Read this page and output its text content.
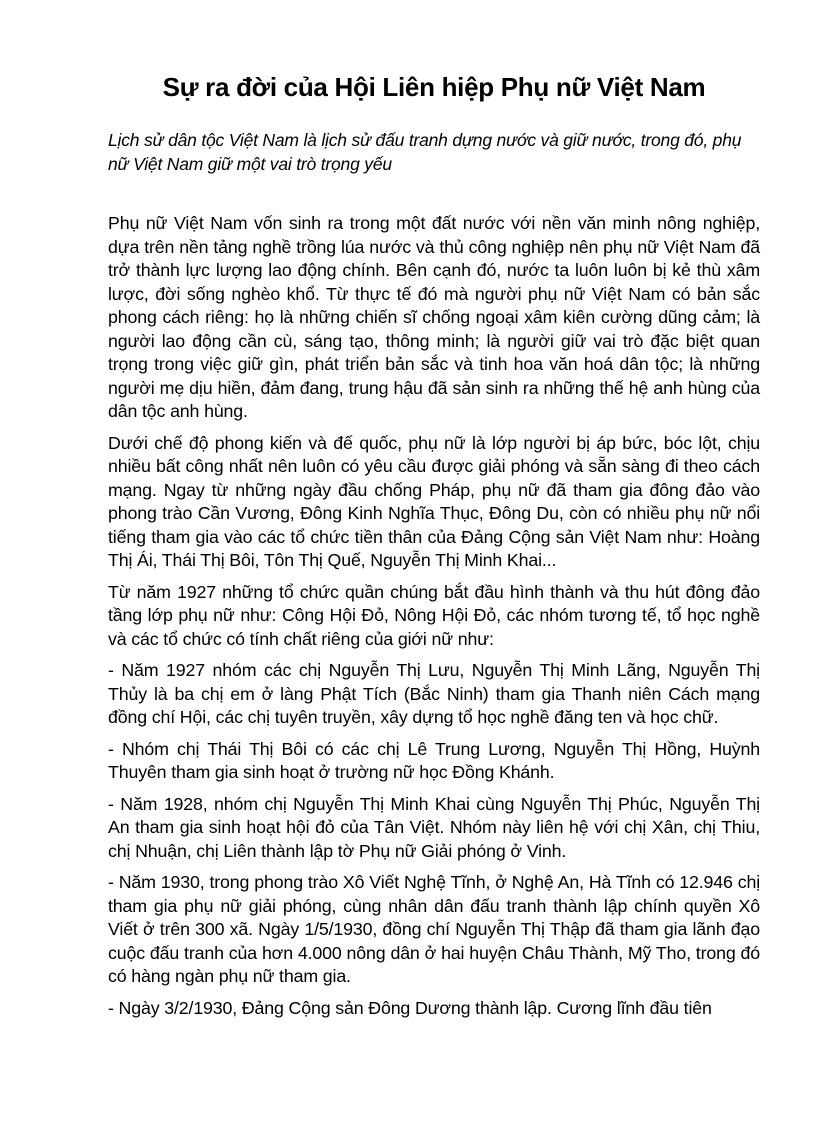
Sự ra đời của Hội Liên hiệp Phụ nữ Việt Nam

Lịch sử dân tộc Việt Nam là lịch sử đấu tranh dựng nước và giữ nước, trong đó, phụ nữ Việt Nam giữ một vai trò trọng yếu

Phụ nữ Việt Nam vốn sinh ra trong một đất nước với nền văn minh nông nghiệp, dựa trên nền tảng nghề trồng lúa nước và thủ công nghiệp nên phụ nữ Việt Nam đã trở thành lực lượng lao động chính. Bên cạnh đó, nước ta luôn luôn bị kẻ thù xâm lược, đời sống nghèo khổ. Từ thực tế đó mà người phụ nữ Việt Nam có bản sắc phong cách riêng: họ là những chiến sĩ chống ngoại xâm kiên cường dũng cảm; là người lao động cần cù, sáng tạo, thông minh; là người giữ vai trò đặc biệt quan trọng trong việc giữ gìn, phát triển bản sắc và tinh hoa văn hoá dân tộc; là những người mẹ dịu hiền, đảm đang, trung hậu đã sản sinh ra những thế hệ anh hùng của dân tộc anh hùng.

Dưới chế độ phong kiến và đế quốc, phụ nữ là lớp người bị áp bức, bóc lột, chịu nhiều bất công nhất nên luôn có yêu cầu được giải phóng và sẵn sàng đi theo cách mạng. Ngay từ những ngày đầu chống Pháp, phụ nữ đã tham gia đông đảo vào phong trào Cần Vương, Đông Kinh Nghĩa Thục, Đông Du, còn có nhiều phụ nữ nổi tiếng tham gia vào các tổ chức tiền thân của Đảng Cộng sản Việt Nam như: Hoàng Thị Ái, Thái Thị Bôi, Tôn Thị Quế, Nguyễn Thị Minh Khai...

Từ năm 1927 những tổ chức quần chúng bắt đầu hình thành và thu hút đông đảo tầng lớp phụ nữ như: Công Hội Đỏ, Nông Hội Đỏ, các nhóm tương tế, tổ học nghề và các tổ chức có tính chất riêng của giới nữ như:

- Năm 1927 nhóm các chị Nguyễn Thị Lưu, Nguyễn Thị Minh Lãng, Nguyễn Thị Thủy là ba chị em ở làng Phật Tích (Bắc Ninh) tham gia Thanh niên Cách mạng đồng chí Hội, các chị tuyên truyền, xây dựng tổ học nghề đăng ten và học chữ.

- Nhóm chị Thái Thị Bôi có các chị Lê Trung Lương, Nguyễn Thị Hồng, Huỳnh Thuyên tham gia sinh hoạt ở trường nữ học Đồng Khánh.

- Năm 1928, nhóm chị Nguyễn Thị Minh Khai cùng Nguyễn Thị Phúc, Nguyễn Thị An tham gia sinh hoạt hội đỏ của Tân Việt. Nhóm này liên hệ với chị Xân, chị Thiu, chị Nhuận, chị Liên thành lập tờ Phụ nữ Giải phóng ở Vinh.

- Năm 1930, trong phong trào Xô Viết Nghệ Tĩnh, ở Nghệ An, Hà Tĩnh có 12.946 chị tham gia phụ nữ giải phóng, cùng nhân dân đấu tranh thành lập chính quyền Xô Viết ở trên 300 xã. Ngày 1/5/1930, đồng chí Nguyễn Thị Thập đã tham gia lãnh đạo cuộc đấu tranh của hơn 4.000 nông dân ở hai huyện Châu Thành, Mỹ Tho, trong đó có hàng ngàn phụ nữ tham gia.

- Ngày 3/2/1930, Đảng Cộng sản Đông Dương thành lập. Cương lĩnh đầu tiên
